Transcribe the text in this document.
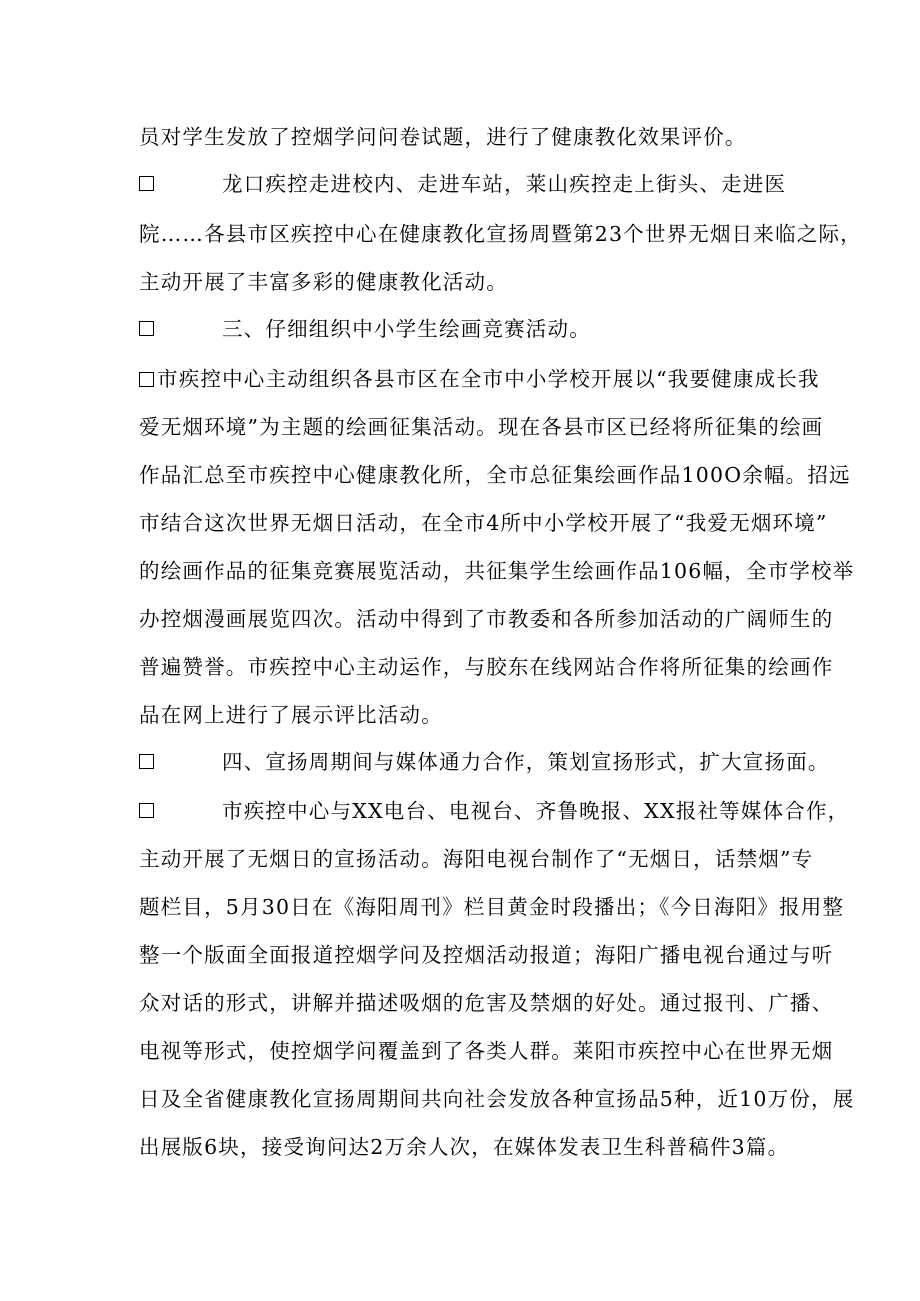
员对学生发放了控烟学问问卷试题，进行了健康教化效果评价。
龙口疾控走进校内、走进车站，莱山疾控走上街头、走进医
院……各县市区疾控中心在健康教化宣扬周暨第23个世界无烟日来临之际，
主动开展了丰富多彩的健康教化活动。
三、仔细组织中小学生绘画竞赛活动。
市疾控中心主动组织各县市区在全市中小学校开展以“我要健康成长我
爱无烟环境”为主题的绘画征集活动。现在各县市区已经将所征集的绘画
作品汇总至市疾控中心健康教化所，全市总征集绘画作品100O余幅。招远
市结合这次世界无烟日活动，在全市4所中小学校开展了“我爱无烟环境”
的绘画作品的征集竞赛展览活动，共征集学生绘画作品106幅，全市学校举
办控烟漫画展览四次。活动中得到了市教委和各所参加活动的广阔师生的
普遍赞誉。市疾控中心主动运作，与胶东在线网站合作将所征集的绘画作
品在网上进行了展示评比活动。
四、宣扬周期间与媒体通力合作，策划宣扬形式，扩大宣扬面。
市疾控中心与XX电台、电视台、齐鲁晚报、XX报社等媒体合作，
主动开展了无烟日的宣扬活动。海阳电视台制作了“无烟日，话禁烟”专
题栏目，5月30日在《海阳周刊》栏目黄金时段播出；《今日海阳》报用整
整一个版面全面报道控烟学问及控烟活动报道；海阳广播电视台通过与听
众对话的形式，讲解并描述吸烟的危害及禁烟的好处。通过报刊、广播、
电视等形式，使控烟学问覆盖到了各类人群。莱阳市疾控中心在世界无烟
日及全省健康教化宣扬周期间共向社会发放各种宣扬品5种，近10万份，展
出展版6块，接受询问达2万余人次，在媒体发表卫生科普稿件3篇。
